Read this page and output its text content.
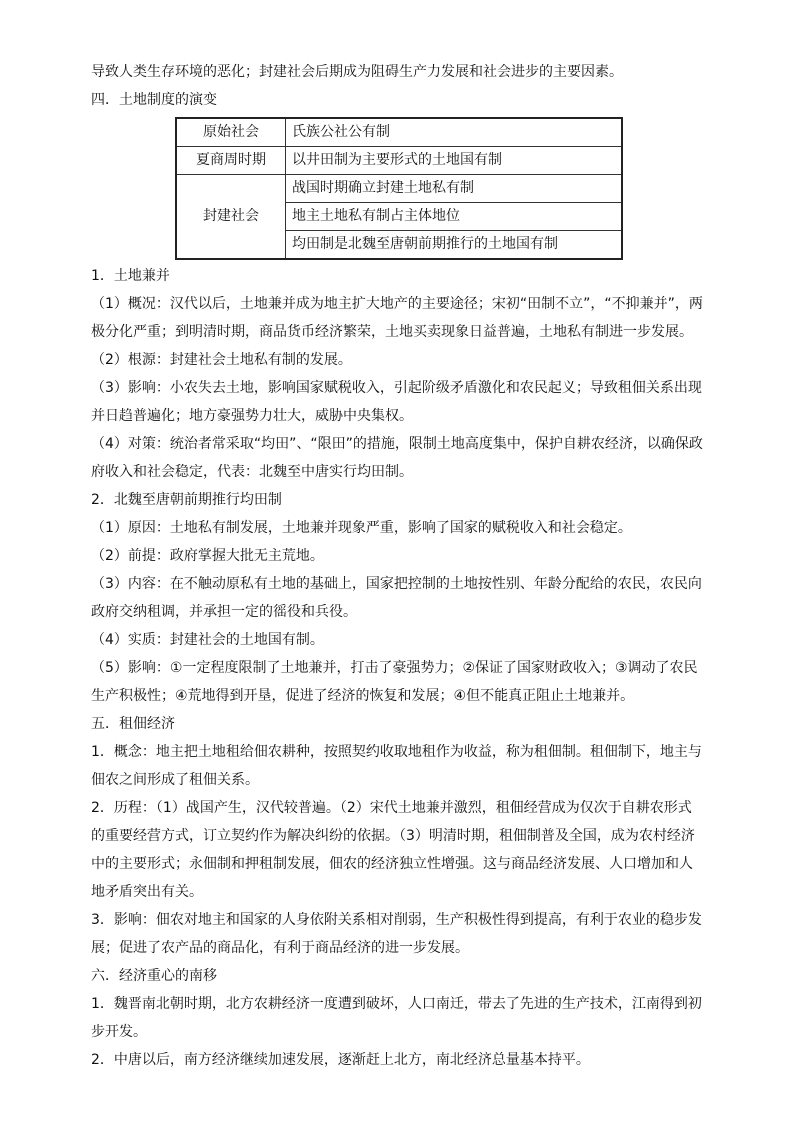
导致人类生存环境的恶化；封建社会后期成为阻碍生产力发展和社会进步的主要因素。

四．土地制度的演变

原始社会	氏族公社公有制
夏商周时期	以井田制为主要形式的土地国有制
封建社会	战国时期确立封建土地私有制
	地主土地私有制占主体地位
	均田制是北魏至唐朝前期推行的土地国有制

1．土地兼并

（1）概况：汉代以后，土地兼并成为地主扩大地产的主要途径；宋初“田制不立”，“不抑兼并”，两

极分化严重；到明清时期，商品货币经济繁荣，土地买卖现象日益普遍，土地私有制进一步发展。

（2）根源：封建社会土地私有制的发展。

（3）影响：小农失去土地，影响国家赋税收入，引起阶级矛盾激化和农民起义；导致租佃关系出现

并日趋普遍化；地方豪强势力壮大，威胁中央集权。

（4）对策：统治者常采取“均田”、“限田”的措施，限制土地高度集中，保护自耕农经济，以确保政

府收入和社会稳定，代表：北魏至中唐实行均田制。

2．北魏至唐朝前期推行均田制

（1）原因：土地私有制发展，土地兼并现象严重，影响了国家的赋税收入和社会稳定。

（2）前提：政府掌握大批无主荒地。

（3）内容：在不触动原私有土地的基础上，国家把控制的土地按性别、年龄分配给的农民，农民向

政府交纳租调，并承担一定的徭役和兵役。

（4）实质：封建社会的土地国有制。

（5）影响：①一定程度限制了土地兼并，打击了豪强势力；②保证了国家财政收入；③调动了农民

生产积极性；④荒地得到开垦，促进了经济的恢复和发展；④但不能真正阻止土地兼并。

五．租佃经济

1．概念：地主把土地租给佃农耕种，按照契约收取地租作为收益，称为租佃制。租佃制下，地主与

佃农之间形成了租佃关系。

2．历程：（1）战国产生，汉代较普遍。（2）宋代土地兼并激烈，租佃经营成为仅次于自耕农形式

的重要经营方式，订立契约作为解决纠纷的依据。（3）明清时期，租佃制普及全国，成为农村经济

中的主要形式；永佃制和押租制发展，佃农的经济独立性增强。这与商品经济发展、人口增加和人

地矛盾突出有关。

3．影响：佃农对地主和国家的人身依附关系相对削弱，生产积极性得到提高，有利于农业的稳步发

展；促进了农产品的商品化，有利于商品经济的进一步发展。

六．经济重心的南移

1．魏晋南北朝时期，北方农耕经济一度遭到破坏，人口南迁，带去了先进的生产技术，江南得到初

步开发。

2．中唐以后，南方经济继续加速发展，逐渐赶上北方，南北经济总量基本持平。
